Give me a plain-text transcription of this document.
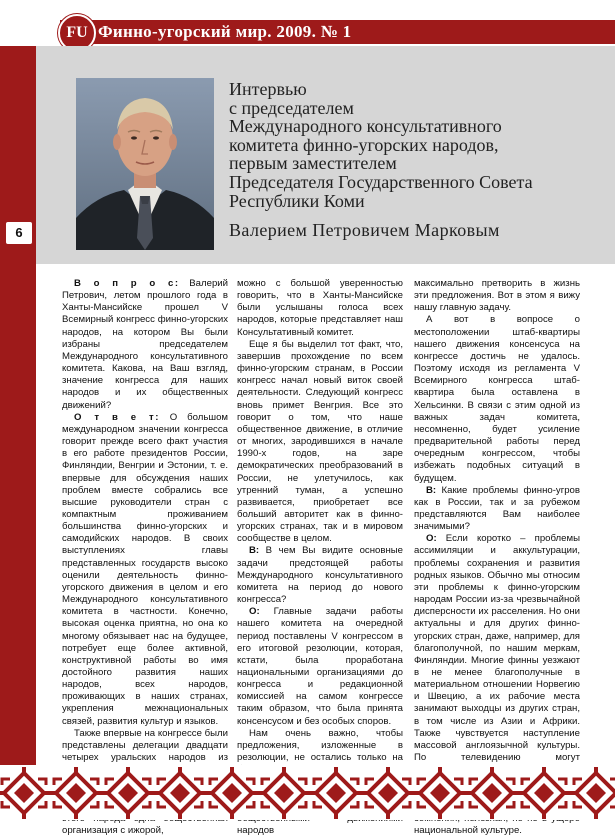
6
Финно-угорский мир. 2009. № 1
FU
Интервью
с председателем
Международного консультативного
комитета финно-угорских народов,
первым заместителем
Председателя Государственного Совета
Республики Коми
Валерием Петровичем Марковым

В о п р о с: Валерий Петрович, летом прошлого года в Ханты-Мансийске прошел V Всемирный конгресс финно-угорских народов, на котором Вы были избраны председателем Международного консультативного комитета. Какова, на Ваш взгляд, значение конгресса для наших народов и их общественных движений?

О т в е т: О большом международном значении конгресса говорит прежде всего факт участия в его работе президентов России, Финляндии, Венгрии и Эстонии, т. е. впервые для обсуждения наших проблем вместе собрались все высшие руководители стран с компактным проживанием большинства финно-угорских и самодийских народов. В своих выступлениях главы представленных государств высоко оценили деятельность финно-угорского движения в целом и его Международного консультативного комитета в частности. Конечно, высокая оценка приятна, но она ко многому обязывает нас на будущее, потребует еще более активной, конструктивной работы во имя достойного развития наших народов, всех народов, проживающих в наших странах, укрепления межнациональных связей, развития культур и языков.

Также впервые на конгрессе были представлены делегации двадцати четырех уральских народов из организация с ижорой,

можно с большой уверенностью говорить, что в Ханты-Мансийске были услышаны голоса всех народов, которые представляет наш Консультативный комитет.

Еще я бы выделил тот факт, что, завершив прохождение по всем финно-угорским странам, в России конгресс начал новый виток своей деятельности. Следующий конгресс вновь примет Венгрия. Все это говорит о том, что наше общественное движение, в отличие от многих, зародившихся в начале 1990-х годов, на заре демократических преобразований в России, не улетучилось, как утренний туман, а успешно развивается, приобретает все больший авторитет как в финно-угорских странах, так и в мировом сообществе в целом.

В: В чем Вы видите основные задачи предстоящей работы Международного консультативного комитета на период до нового конгресса?

О: Главные задачи работы нашего комитета на очередной период поставлены V конгрессом в его итоговой резолюции, которая, кстати, была проработана национальными организациями до конгресса и редакционной комиссией на самом конгрессе таким образом, что была принята консенсусом и без особых споров.

Нам очень важно, чтобы предложения, изложенные в резолюции, не остались только на народов

максимально претворить в жизнь эти предложения. Вот в этом я вижу нашу главную задачу.

А вот в вопросе о местоположении штаб-квартиры нашего движения консенсуса на конгрессе достичь не удалось. Поэтому исходя из регламента V Всемирного конгресса штаб-квартира была оставлена в Хельсинки. В связи с этим одной из важных задач комитета, несомненно, будет усиление предварительной работы перед очередным конгрессом, чтобы избежать подобных ситуаций в будущем.

В: Какие проблемы финно-угров как в России, так и за рубежом представляются Вам наиболее значимыми?

О: Если коротко – проблемы ассимиляции и аккультурации, проблемы сохранения и развития родных языков. Обычно мы относим эти проблемы к финно-угорским народам России из-за чрезвычайной дисперсности их расселения. Но они актуальны и для других финно-угорских стран, даже, например, для благополучной, по нашим меркам, Финляндии. Многие финны уезжают в не менее благополучные в материальном отношении Норвегию и Швецию, а их рабочие места занимают выходцы из других стран, в том числе из Азии и Африки. Также чувствуется наступление массовой англоязычной культуры. По телевидению могут национальной культуре.
